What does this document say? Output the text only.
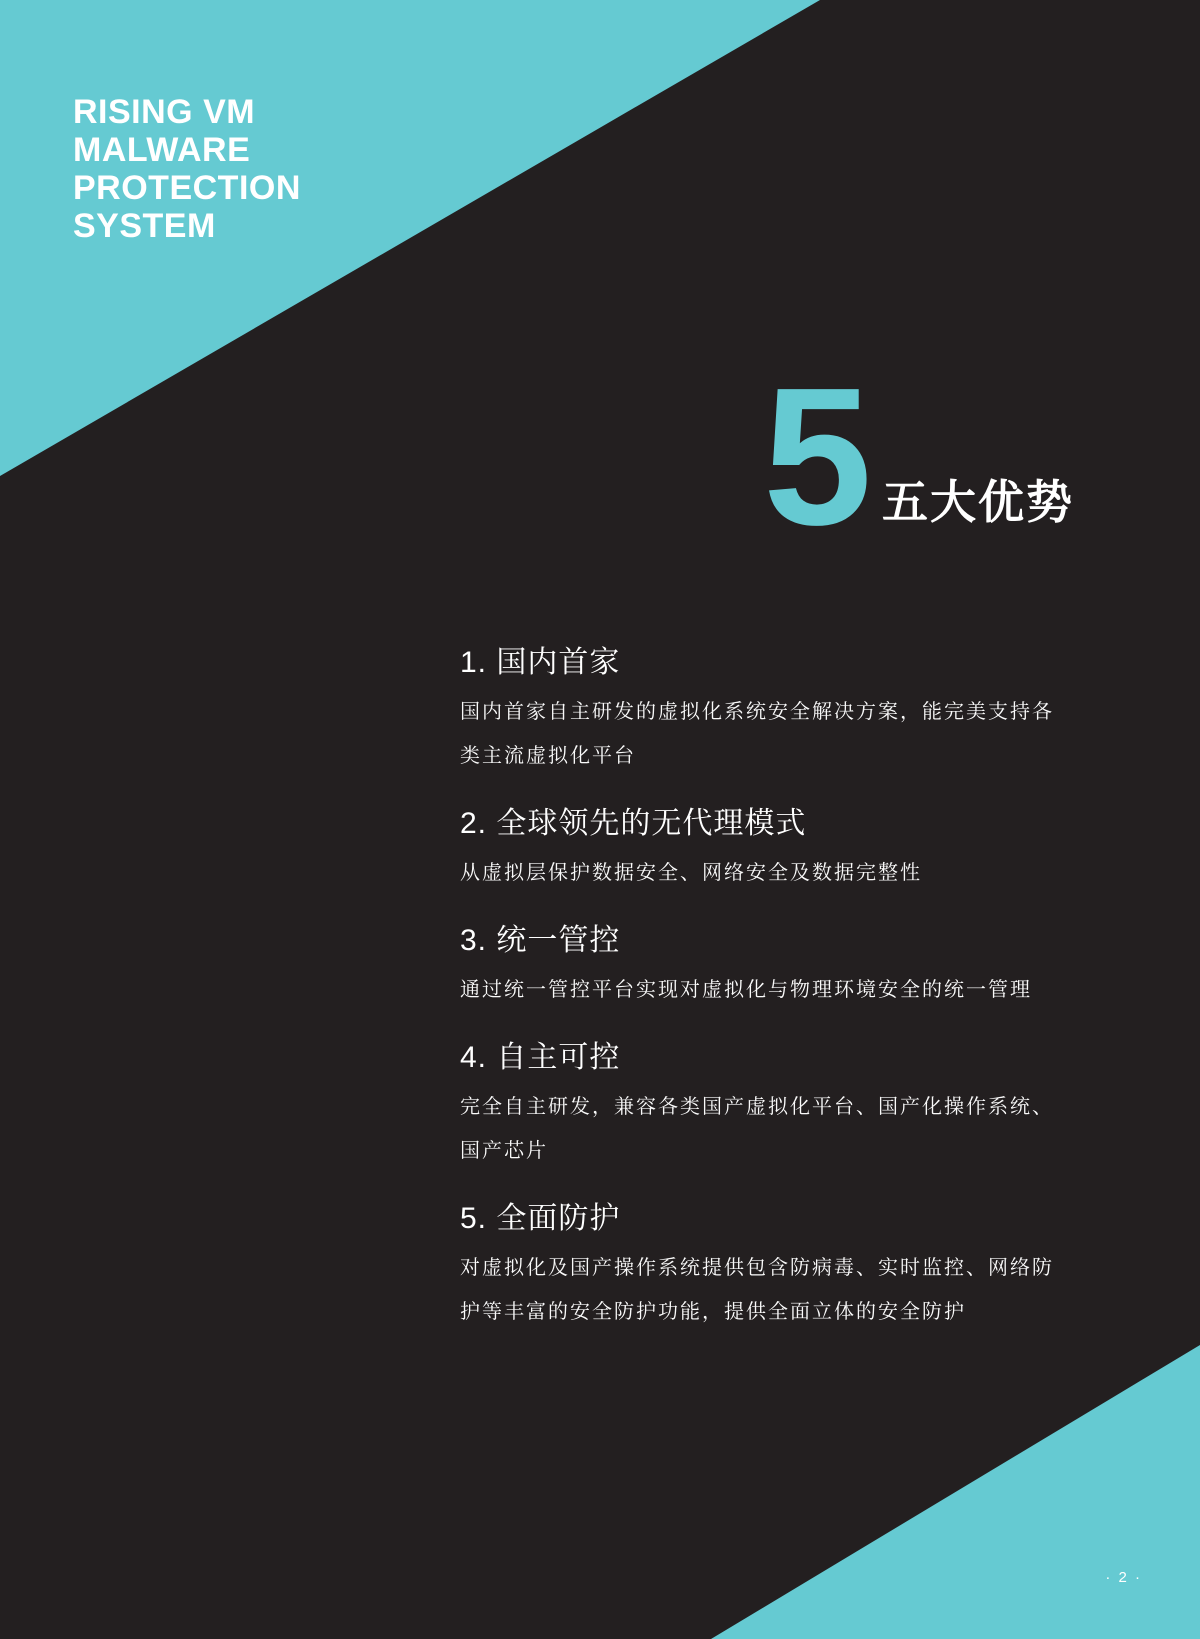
RISING VM
MALWARE
PROTECTION
SYSTEM
5 五大优势
1. 国内首家
国内首家自主研发的虚拟化系统安全解决方案，能完美支持各类主流虚拟化平台
2. 全球领先的无代理模式
从虚拟层保护数据安全、网络安全及数据完整性
3. 统一管控
通过统一管控平台实现对虚拟化与物理环境安全的统一管理
4. 自主可控
完全自主研发，兼容各类国产虚拟化平台、国产化操作系统、国产芯片
5. 全面防护
对虚拟化及国产操作系统提供包含防病毒、实时监控、网络防护等丰富的安全防护功能，提供全面立体的安全防护
· 2 ·
